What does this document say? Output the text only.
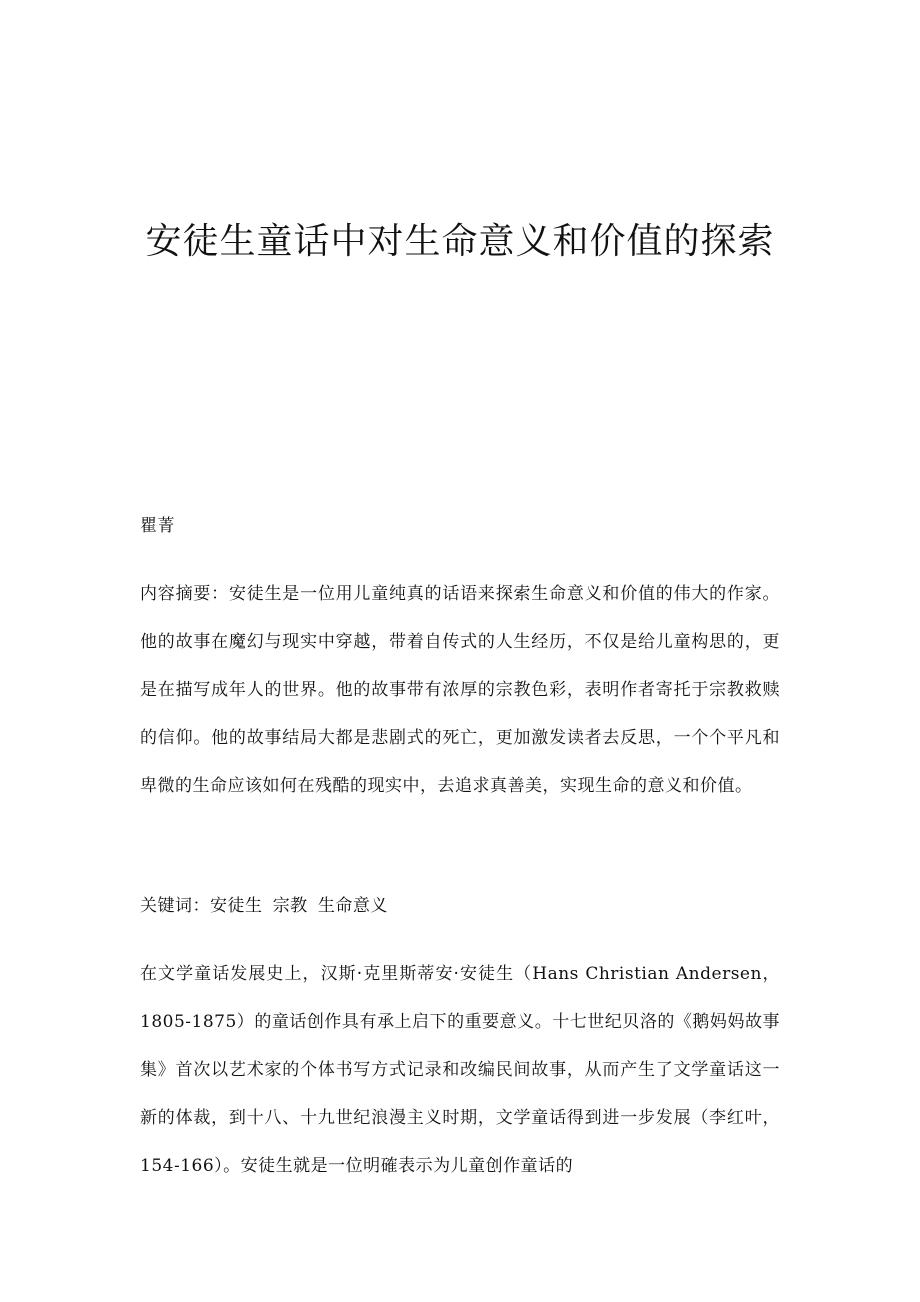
安徒生童话中对生命意义和价值的探索
瞿菁

内容摘要：安徒生是一位用儿童纯真的话语来探索生命意义和价值的伟大的作家。他的故事在魔幻与现实中穿越，带着自传式的人生经历，不仅是给儿童构思的，更是在描写成年人的世界。他的故事带有浓厚的宗教色彩，表明作者寄托于宗教救赎的信仰。他的故事结局大都是悲剧式的死亡，更加激发读者去反思，一个个平凡和卑微的生命应该如何在残酷的现实中，去追求真善美，实现生命的意义和价值。

关键词：安徒生 宗教 生命意义

在文学童话发展史上，汉斯·克里斯蒂安·安徒生（Hans Christian Andersen，1805-1875）的童话创作具有承上启下的重要意义。十七世纪贝洛的《鹅妈妈故事集》首次以艺术家的个体书写方式记录和改编民间故事，从而产生了文学童话这一新的体裁，到十八、十九世纪浪漫主义时期，文学童话得到进一步发展（李红叶，154-166）。安徒生就是一位明確表示为儿童创作童话的
